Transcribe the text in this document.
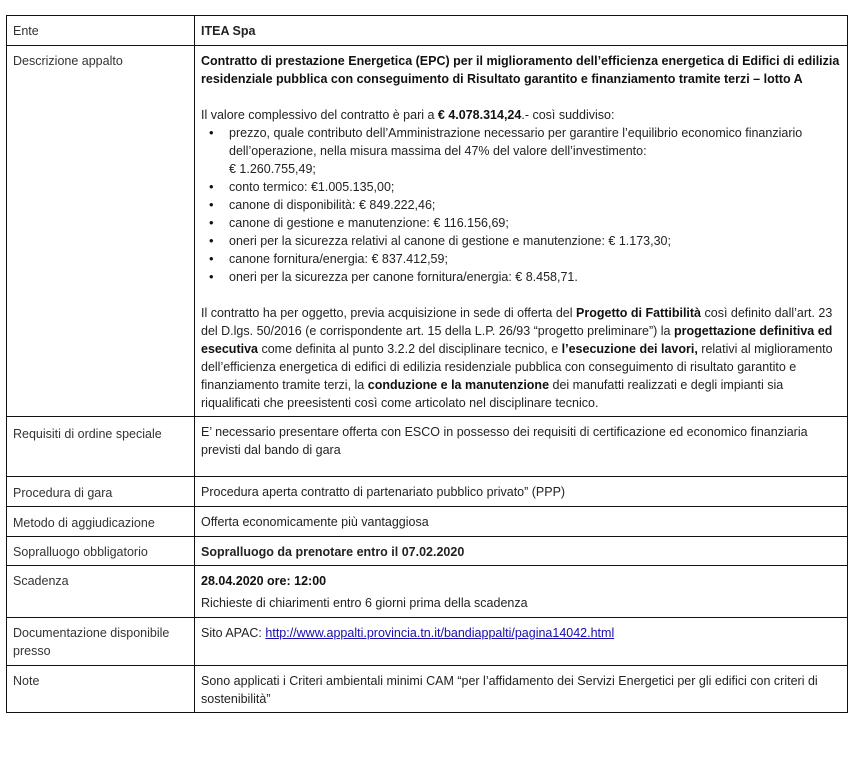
Ente	ITEA Spa
Descrizione appalto	Contratto di prestazione Energetica (EPC) per il miglioramento dell’efficienza energetica di Edifici di edilizia residenziale pubblica con conseguimento di Risultato garantito e finanziamento tramite terzi – lotto A

Il valore complessivo del contratto è pari a € 4.078.314,24.- così suddiviso:

• prezzo, quale contributo dell’Amministrazione necessario per garantire l’equilibrio economico finanziario dell’operazione, nella misura massima del 47% del valore dell’investimento:
€ 1.260.755,49;
• conto termico: €1.005.135,00;
• canone di disponibilità: € 849.222,46;
• canone di gestione e manutenzione: € 116.156,69;
• oneri per la sicurezza relativi al canone di gestione e manutenzione: € 1.173,30;
• canone fornitura/energia: € 837.412,59;
• oneri per la sicurezza per canone fornitura/energia: € 8.458,71.

Il contratto ha per oggetto, previa acquisizione in sede di offerta del Progetto di Fattibilità così definito dall’art. 23 del D.lgs. 50/2016 (e corrispondente art. 15 della L.P. 26/93 “progetto preliminare”) la progettazione definitiva ed esecutiva come definita al punto 3.2.2 del disciplinare tecnico, e l’esecuzione dei lavori, relativi al miglioramento dell’efficienza energetica di edifici di edilizia residenziale pubblica con conseguimento di risultato garantito e finanziamento tramite terzi, la conduzione e la manutenzione dei manufatti realizzati e degli impianti sia riqualificati che preesistenti così come articolato nel disciplinare tecnico.

Requisiti di ordine speciale	E’ necessario presentare offerta con ESCO in possesso dei requisiti di certificazione ed economico finanziaria previsti dal bando di gara
Procedura di gara	Procedura aperta contratto di partenariato pubblico privato” (PPP)
Metodo di aggiudicazione	Offerta economicamente più vantaggiosa
Sopralluogo obbligatorio	Sopralluogo da prenotare entro il 07.02.2020
Scadenza	28.04.2020 ore: 12:00

Richieste di chiarimenti entro 6 giorni prima della scadenza

Documentazione disponibile presso	Sito APAC: http://www.appalti.provincia.tn.it/bandiappalti/pagina14042.html
Note	Sono applicati i Criteri ambientali minimi CAM “per l’affidamento dei Servizi Energetici per gli edifici con criteri di sostenibilità”
